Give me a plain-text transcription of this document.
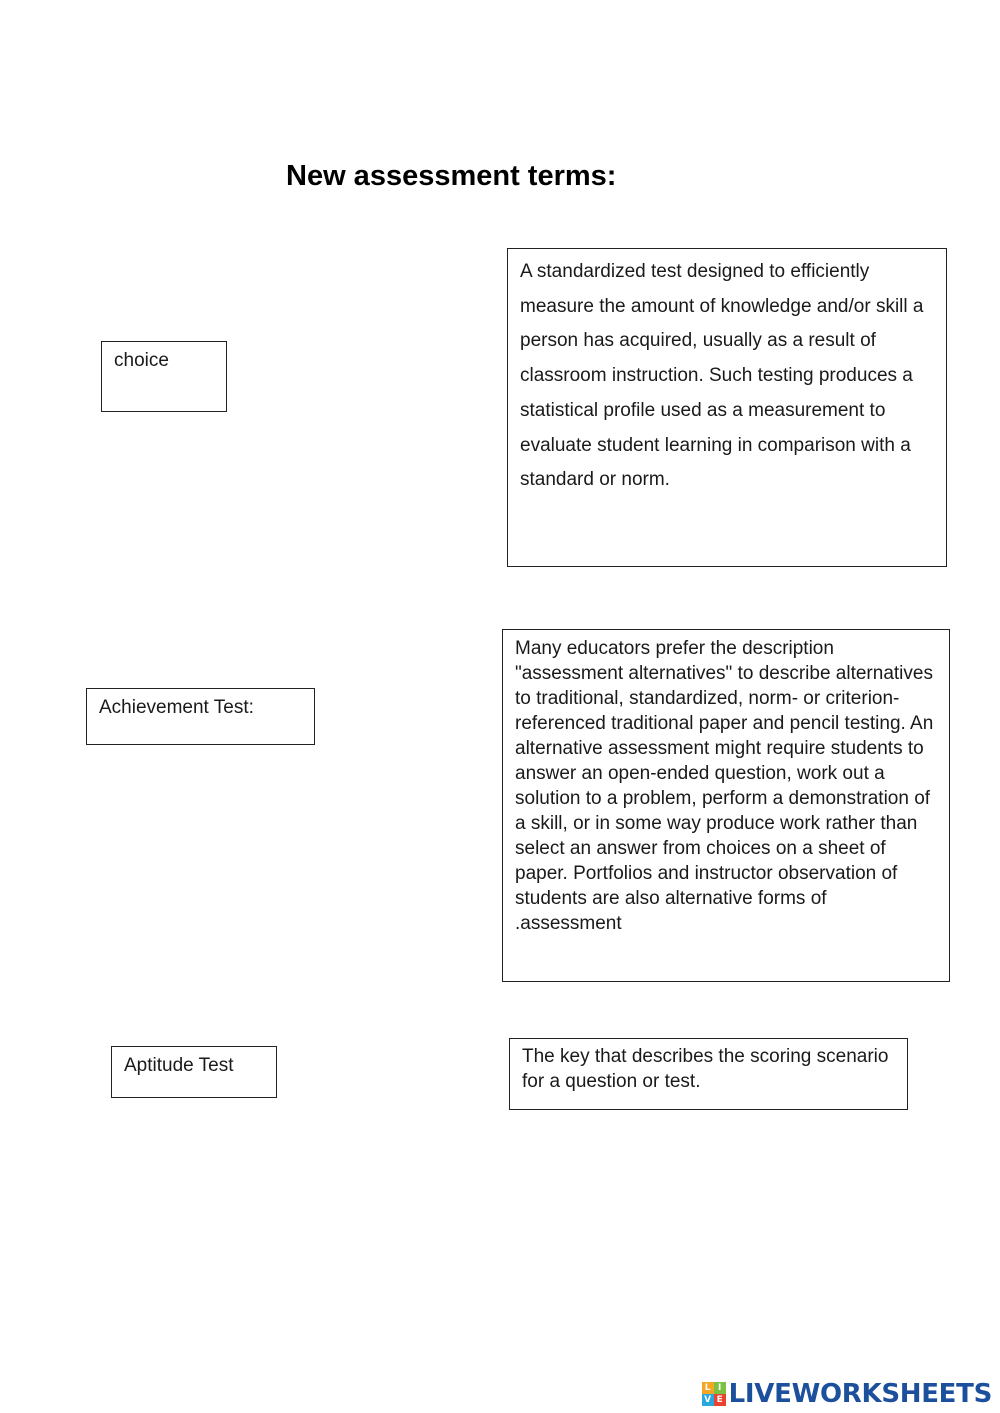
New assessment terms:
choice
Achievement Test:
Aptitude Test

A standardized test designed to efficiently measure the amount of knowledge and/or skill a person has acquired, usually as a result of classroom instruction. Such testing produces a statistical profile used as a measurement to evaluate student learning in comparison with a standard or norm.

Many educators prefer the description "assessment alternatives" to describe alternatives to traditional, standardized, norm- or criterion-referenced traditional paper and pencil testing. An alternative assessment might require students to answer an open-ended question, work out a solution to a problem, perform a demonstration of a skill, or in some way produce work rather than select an answer from choices on a sheet of paper. Portfolios and instructor observation of students are also alternative forms of .assessment

The key that describes the scoring scenario for a question or test.

L I
V E LIVEWORKSHEETS
